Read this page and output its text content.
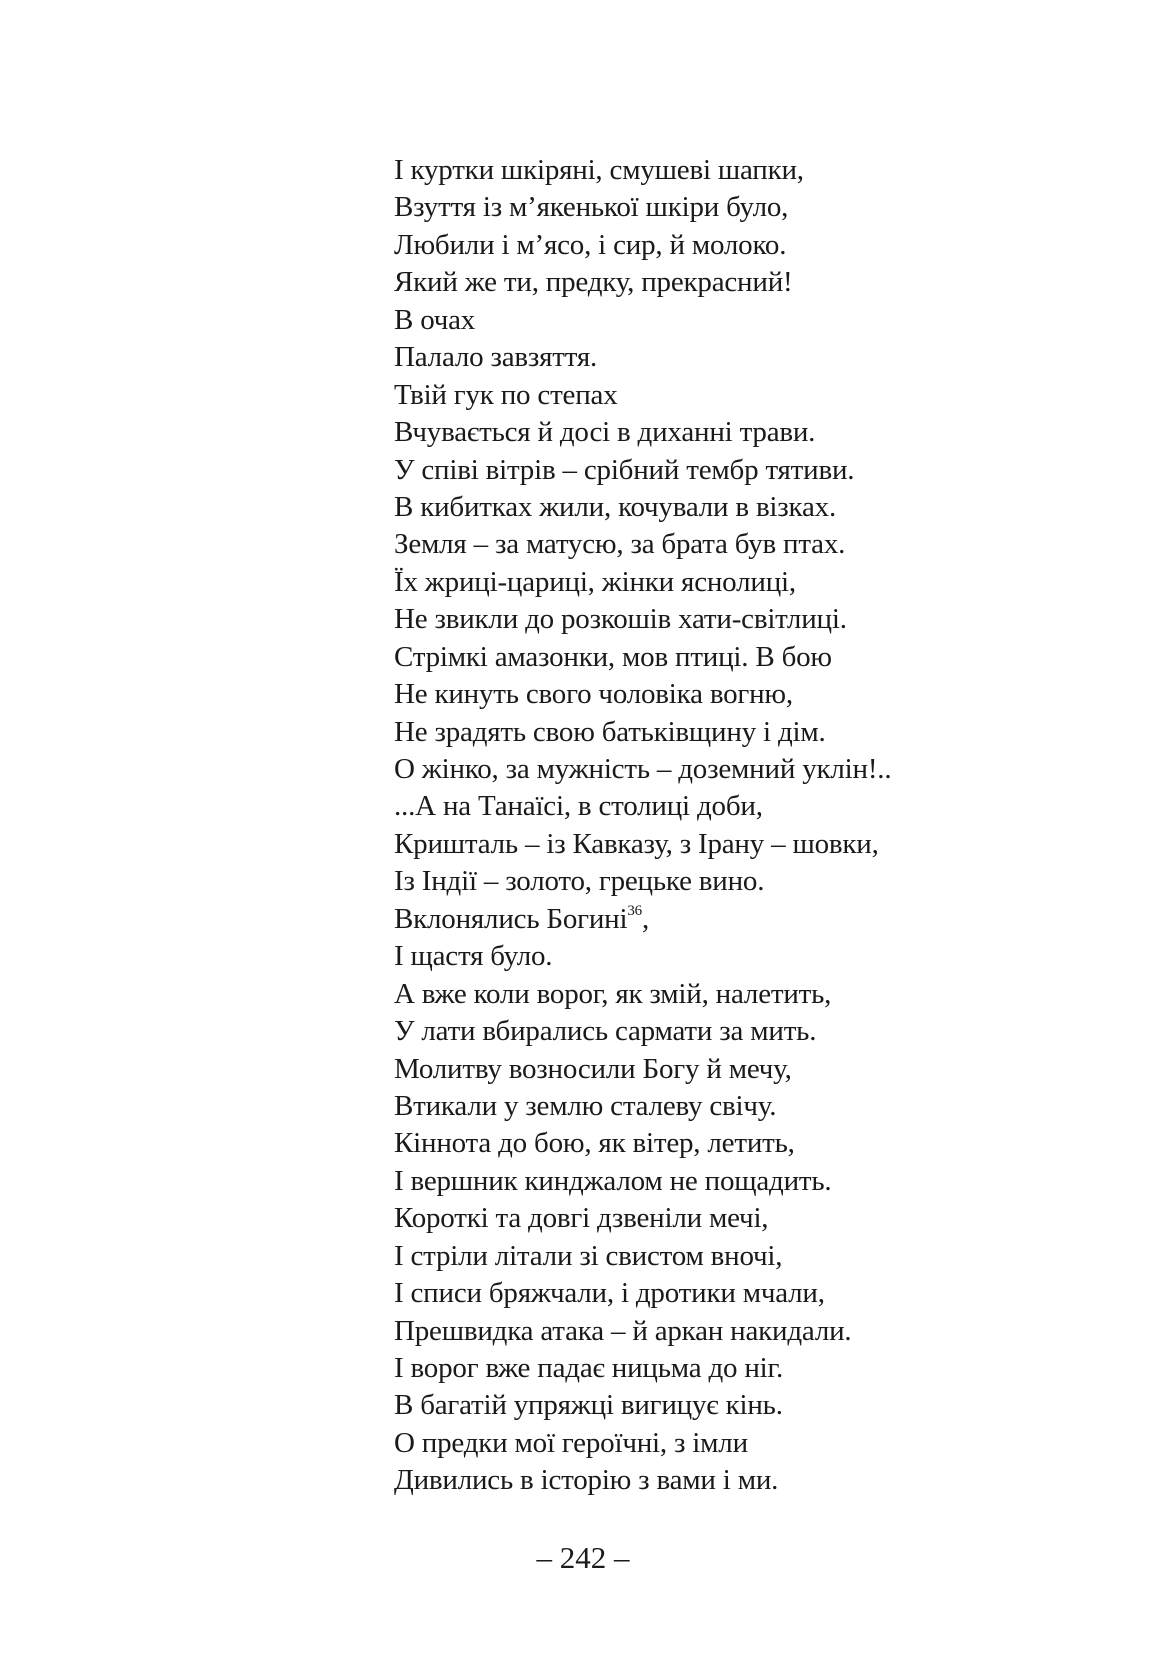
І куртки шкіряні, смушеві шапки,
Взуття із м’якенької шкіри було,
Любили і м’ясо, і сир, й молоко.
Який же ти, предку, прекрасний!
В очах
Палало завзяття.
Твій гук по степах
Вчувається й досі в диханні трави.
У співі вітрів – срібний тембр тятиви.
В кибитках жили, кочували в візках.
Земля – за матусю, за брата був птах.
Їх жриці-цариці, жінки яснолиці,
Не звикли до розкошів хати-світлиці.
Стрімкі амазонки, мов птиці. В бою
Не кинуть свого чоловіка вогню,
Не зрадять свою батьківщину і дім.
О жінко, за мужність – доземний уклін!..
...А на Танаїсі, в столиці доби,
Кришталь – із Кавказу, з Ірану – шовки,
Із Індії – золото, грецьке вино.
Вклонялись Богині$^{36}$,
І щастя було.
А вже коли ворог, як змій, налетить,
У лати вбирались сармати за мить.
Молитву возносили Богу й мечу,
Втикали у землю сталеву свічу.
Кіннота до бою, як вітер, летить,
І вершник кинджалом не пощадить.
Короткі та довгі дзвеніли мечі,
І стріли літали зі свистом вночі,
І списи бряжчали, і дротики мчали,
Прешвидка атака – й аркан накидали.
І ворог вже падає ницьма до ніг.
В багатій упряжці вигицує кінь.
О предки мої героїчні, з імли
Дивились в історію з вами і ми.
– 242 –
